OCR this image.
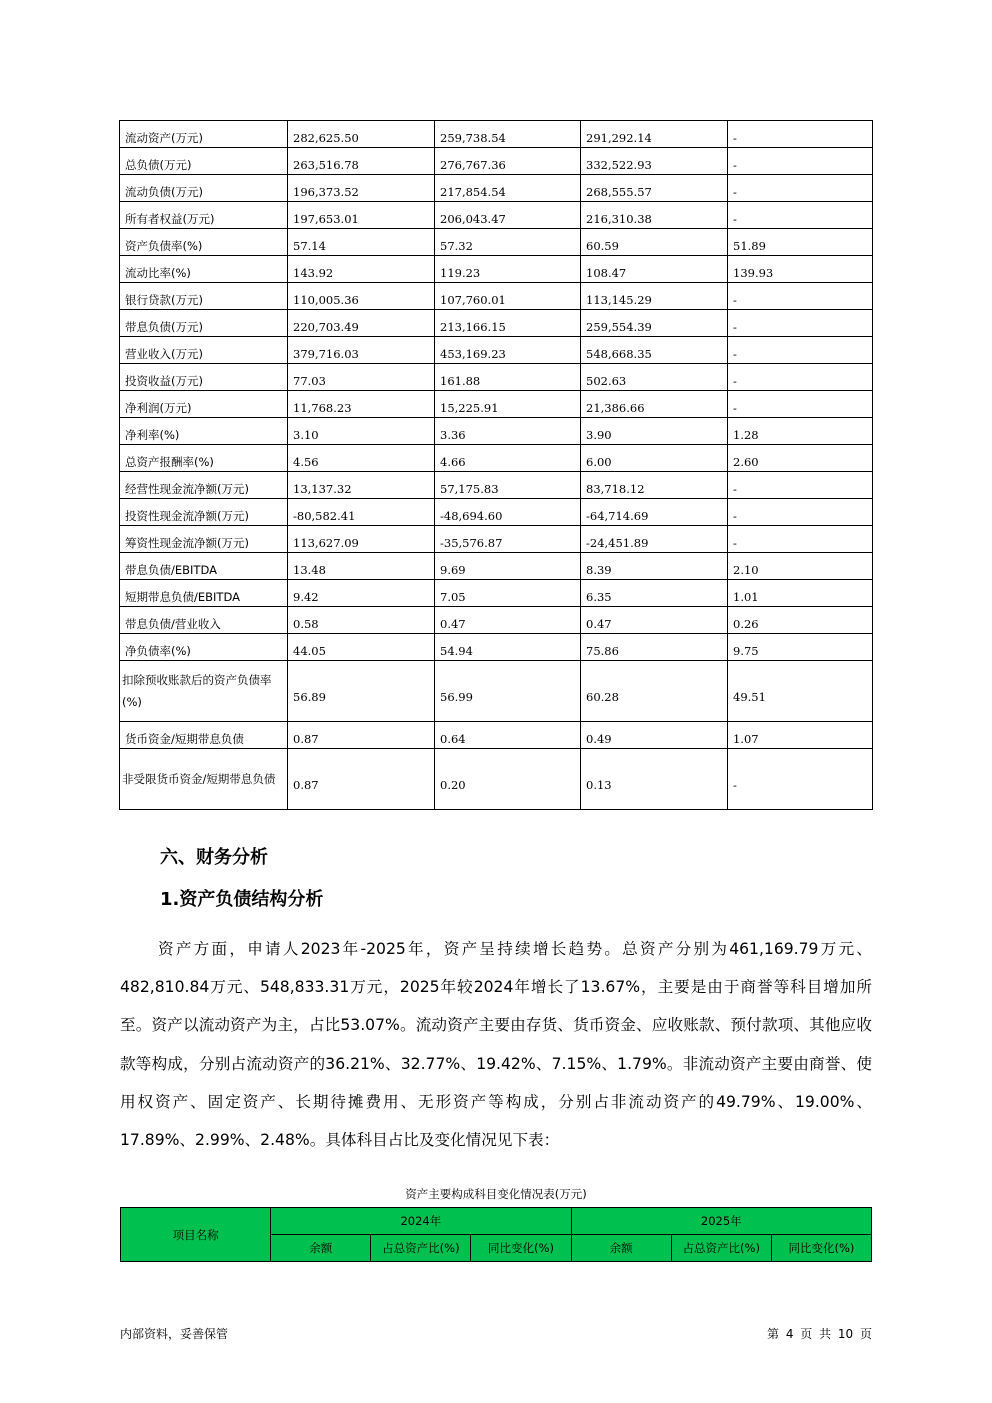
流动资产(万元)	282,625.50	259,738.54	291,292.14	-
总负债(万元)	263,516.78	276,767.36	332,522.93	-
流动负债(万元)	196,373.52	217,854.54	268,555.57	-
所有者权益(万元)	197,653.01	206,043.47	216,310.38	-
资产负债率(%)	57.14	57.32	60.59	51.89
流动比率(%)	143.92	119.23	108.47	139.93
银行贷款(万元)	110,005.36	107,760.01	113,145.29	-
带息负债(万元)	220,703.49	213,166.15	259,554.39	-
营业收入(万元)	379,716.03	453,169.23	548,668.35	-
投资收益(万元)	77.03	161.88	502.63	-
净利润(万元)	11,768.23	15,225.91	21,386.66	-
净利率(%)	3.10	3.36	3.90	1.28
总资产报酬率(%)	4.56	4.66	6.00	2.60
经营性现金流净额(万元)	13,137.32	57,175.83	83,718.12	-
投资性现金流净额(万元)	-80,582.41	-48,694.60	-64,714.69	-
筹资性现金流净额(万元)	113,627.09	-35,576.87	-24,451.89	-
带息负债/EBITDA	13.48	9.69	8.39	2.10
短期带息负债/EBITDA	9.42	7.05	6.35	1.01
带息负债/营业收入	0.58	0.47	0.47	0.26
净负债率(%)	44.05	54.94	75.86	9.75
扣除预收账款后的资产负债率(%)	56.89	56.99	60.28	49.51
货币资金/短期带息负债	0.87	0.64	0.49	1.07
非受限货币资金/短期带息负债	0.87	0.20	0.13	-
六、财务分析
1.资产负债结构分析
资产方面，申请人2023年-2025年，资产呈持续增长趋势。总资产分别为461,169.79万元、482,810.84万元、548,833.31万元，2025年较2024年增长了13.67%，主要是由于商誉等科目增加所至。资产以流动资产为主，占比53.07%。流动资产主要由存货、货币资金、应收账款、预付款项、其他应收款等构成，分别占流动资产的36.21%、32.77%、19.42%、7.15%、1.79%。非流动资产主要由商誉、使用权资产、固定资产、长期待摊费用、无形资产等构成，分别占非流动资产的49.79%、19.00%、17.89%、2.99%、2.48%。具体科目占比及变化情况见下表：
资产主要构成科目变化情况表(万元)
项目名称	2024年			2025年		
	余额	占总资产比(%)	同比变化(%)	余额	占总资产比(%)	同比变化(%)
内部资料，妥善保管	第 4 页 共 10 页
